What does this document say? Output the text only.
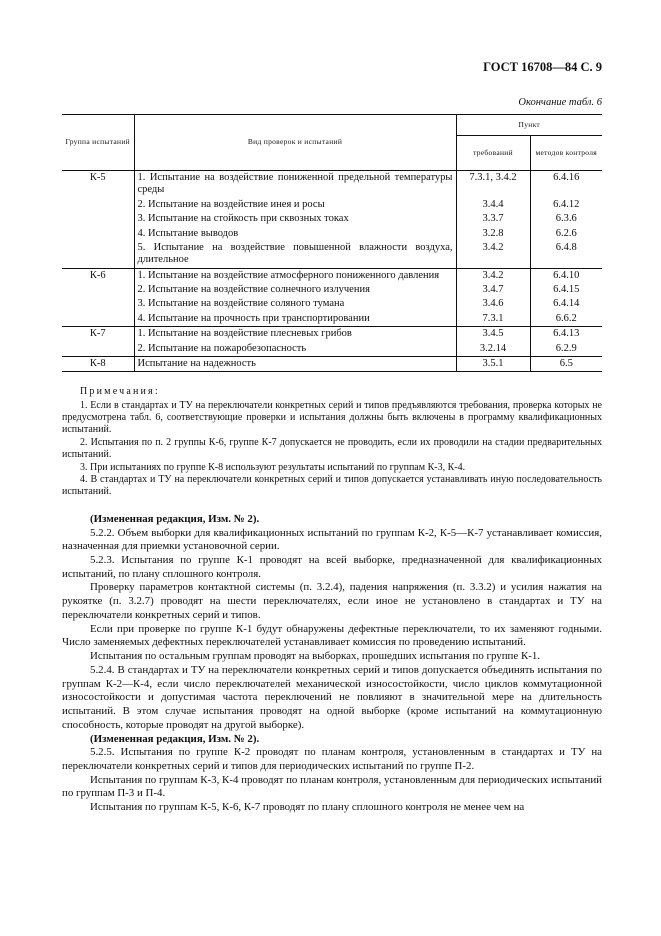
ГОСТ 16708—84 С. 9
Окончание табл. 6
Группа испытаний	Вид проверок и испытаний	Пункт	
		требований	методов контроля
К-5	1. Испытание на воздействие пониженной предельной температуры среды	7.3.1, 3.4.2	6.4.16
	2. Испытание на воздействие инея и росы	3.4.4	6.4.12
	3. Испытание на стойкость при сквозных токах	3.3.7	6.3.6
	4. Испытание выводов	3.2.8	6.2.6
	5. Испытание на воздействие повышенной влажности воздуха, длительное	3.4.2	6.4.8
К-6	1. Испытание на воздействие атмосферного пониженного давления	3.4.2	6.4.10
	2. Испытание на воздействие солнечного излучения	3.4.7	6.4.15
	3. Испытание на воздействие соляного тумана	3.4.6	6.4.14
	4. Испытание на прочность при транспортировании	7.3.1	6.6.2
К-7	1. Испытание на воздействие плесневых грибов	3.4.5	6.4.13
	2. Испытание на пожаробезопасность	3.2.14	6.2.9
К-8	Испытание на надежность	3.5.1	6.5
Примечания:

1. Если в стандартах и ТУ на переключатели конкретных серий и типов предъявляются требования, проверка которых не предусмотрена табл. 6, соответствующие проверки и испытания должны быть включены в программу квалификационных испытаний.

2. Испытания по п. 2 группы К-6, группе К-7 допускается не проводить, если их проводили на стадии предварительных испытаний.

3. При испытаниях по группе К-8 используют результаты испытаний по группам К-3, К-4.

4. В стандартах и ТУ на переключатели конкретных серий и типов допускается устанавливать иную последовательность испытаний.

(Измененная редакция, Изм. № 2).

5.2.2. Объем выборки для квалификационных испытаний по группам К-2, К-5—К-7 устанавливает комиссия, назначенная для приемки установочной серии.

5.2.3. Испытания по группе К-1 проводят на всей выборке, предназначенной для квалификационных испытаний, по плану сплошного контроля.

Проверку параметров контактной системы (п. 3.2.4), падения напряжения (п. 3.3.2) и усилия нажатия на рукоятке (п. 3.2.7) проводят на шести переключателях, если иное не установлено в стандартах и ТУ на переключатели конкретных серий и типов.

Если при проверке по группе К-1 будут обнаружены дефектные переключатели, то их заменяют годными. Число заменяемых дефектных переключателей устанавливает комиссия по проведению испытаний.

Испытания по остальным группам проводят на выборках, прошедших испытания по группе К-1.

5.2.4. В стандартах и ТУ на переключатели конкретных серий и типов допускается объединять испытания по группам К-2—К-4, если число переключателей механической износостойкости, число циклов коммутационной износостойкости и допустимая частота переключений не повлияют в значительной мере на длительность испытаний. В этом случае испытания проводят на одной выборке (кроме испытаний на коммутационную способность, которые проводят на другой выборке).

(Измененная редакция, Изм. № 2).

5.2.5. Испытания по группе К-2 проводят по планам контроля, установленным в стандартах и ТУ на переключатели конкретных серий и типов для периодических испытаний по группе П-2.

Испытания по группам К-3, К-4 проводят по планам контроля, установленным для периодических испытаний по группам П-3 и П-4.

Испытания по группам К-5, К-6, К-7 проводят по плану сплошного контроля не менее чем на
